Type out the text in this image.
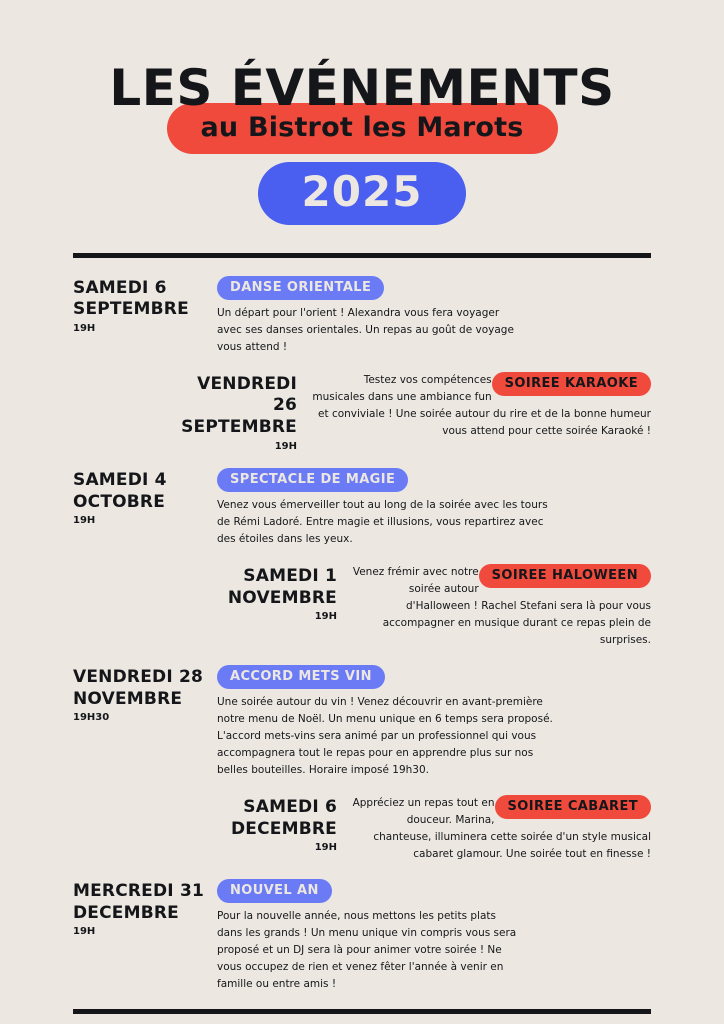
LES ÉVÉNEMENTS
au Bistrot les Marots
2025
SAMEDI 6
SEPTEMBRE
19H
DANSE ORIENTALE
Un départ pour l'orient ! Alexandra vous fera voyager avec ses danses orientales. Un repas au goût de voyage vous attend !
VENDREDI 26
SEPTEMBRE
19H
SOIREE KARAOKE
Testez vos compétences musicales dans une ambiance fun et conviviale ! Une soirée autour du rire et de la bonne humeur vous attend pour cette soirée Karaoké !
SAMEDI 4
OCTOBRE
19H
SPECTACLE DE MAGIE
Venez vous émerveiller tout au long de la soirée avec les tours de Rémi Ladoré. Entre magie et illusions, vous repartirez avec des étoiles dans les yeux.
SAMEDI 1
NOVEMBRE
19H
SOIREE HALOWEEN
Venez frémir avec notre soirée autour d'Halloween ! Rachel Stefani sera là pour vous accompagner en musique durant ce repas plein de surprises.
VENDREDI 28
NOVEMBRE
19H30
ACCORD METS VIN
Une soirée autour du vin ! Venez découvrir en avant-première notre menu de Noël. Un menu unique en 6 temps sera proposé. L'accord mets-vins sera animé par un professionnel qui vous accompagnera tout le repas pour en apprendre plus sur nos belles bouteilles. Horaire imposé 19h30.
SAMEDI 6
DECEMBRE
19H
SOIREE CABARET
Appréciez un repas tout en douceur. Marina, chanteuse, illuminera cette soirée d'un style musical cabaret glamour. Une soirée tout en finesse !
MERCREDI 31
DECEMBRE
19H
NOUVEL AN
Pour la nouvelle année, nous mettons les petits plats dans les grands ! Un menu unique vin compris vous sera proposé et un DJ sera là pour animer votre soirée ! Ne vous occupez de rien et venez fêter l'année à venir en famille ou entre amis !
